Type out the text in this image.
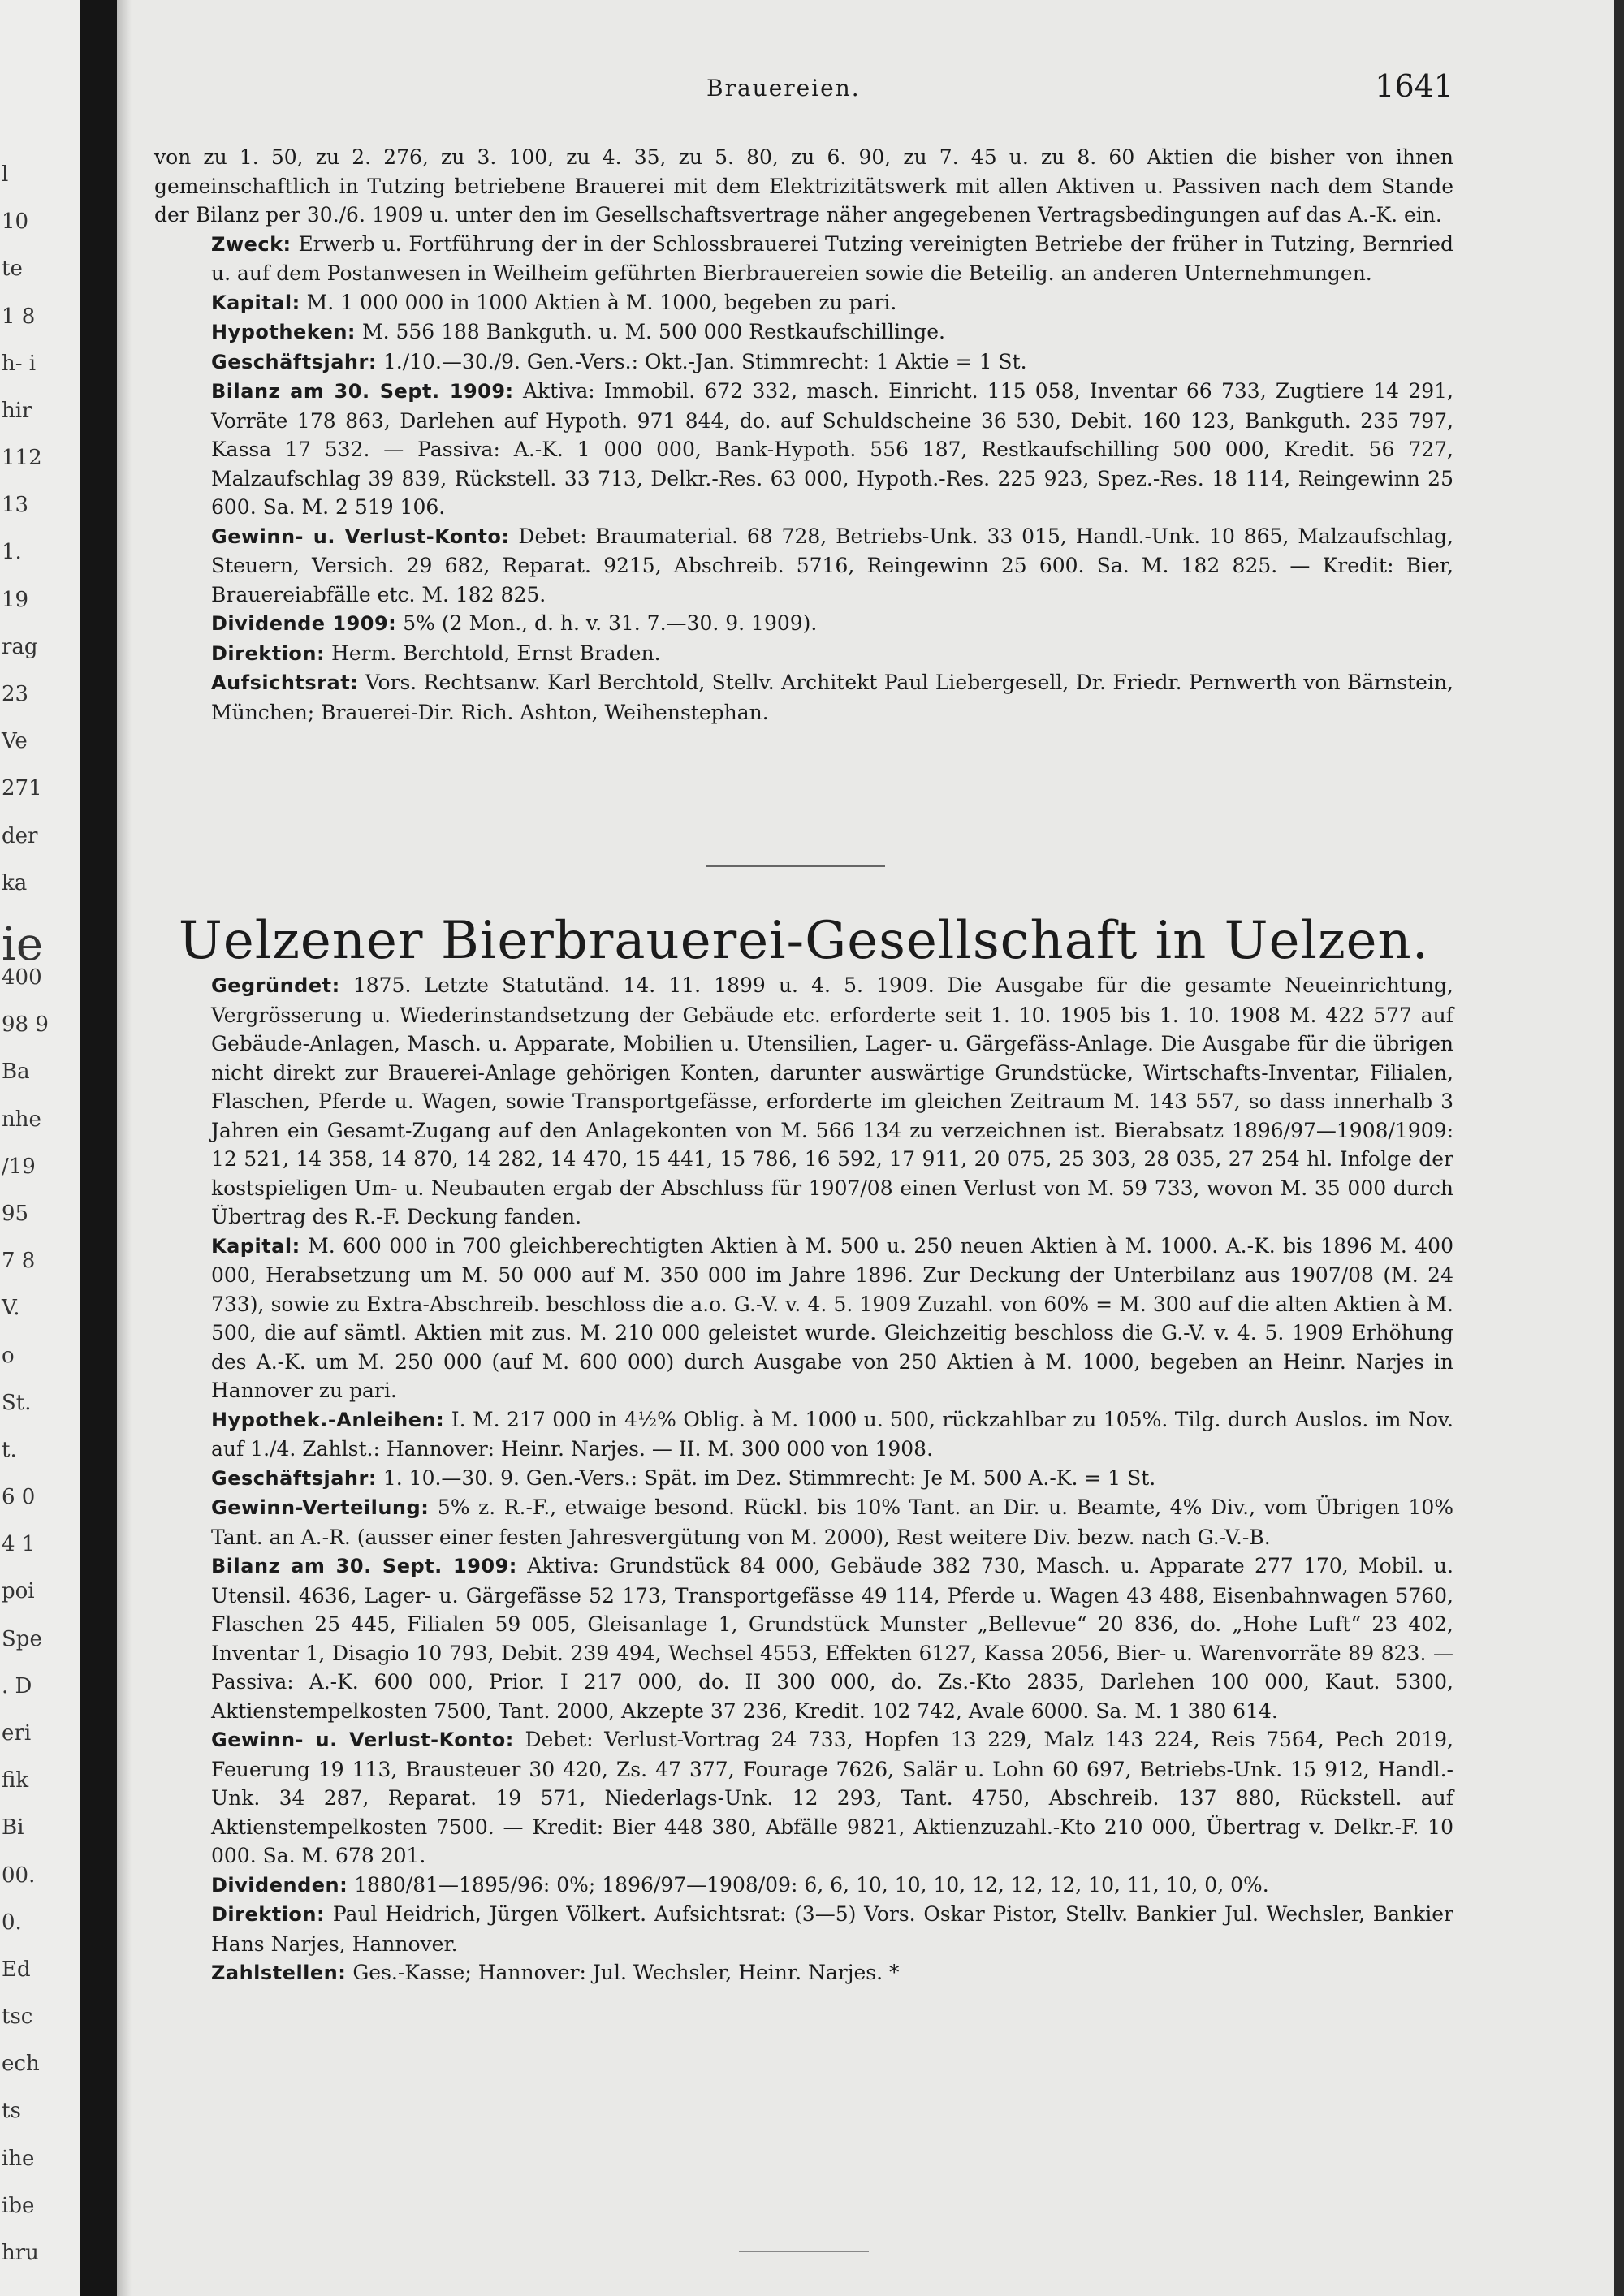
l
10
te
1 8
h- i
hir
112
13
1.
19
rag
23
Ve
271
der
ka
ie
400
98 9
Ba
nhe
/19
95
7 8
V.
o
St.
t.
6 0
4 1
poi
Spe
. D
eri
fik
Bi
00.
0.
Ed
tsc
ech
ts
ihe
ibe
hru
Brauereien.	1641

von zu 1. 50, zu 2. 276, zu 3. 100, zu 4. 35, zu 5. 80, zu 6. 90, zu 7. 45 u. zu 8. 60 Aktien die bisher von ihnen gemeinschaftlich in Tutzing betriebene Brauerei mit dem Elektrizitätswerk mit allen Aktiven u. Passiven nach dem Stande der Bilanz per 30./6. 1909 u. unter den im Gesellschaftsvertrage näher angegebenen Vertragsbedingungen auf das A.-K. ein.

Zweck: Erwerb u. Fortführung der in der Schlossbrauerei Tutzing vereinigten Betriebe der früher in Tutzing, Bernried u. auf dem Postanwesen in Weilheim geführten Bierbrauereien sowie die Beteilig. an anderen Unternehmungen.

Kapital: M. 1 000 000 in 1000 Aktien à M. 1000, begeben zu pari.

Hypotheken: M. 556 188 Bankguth. u. M. 500 000 Restkaufschillinge.

Geschäftsjahr: 1./10.—30./9. Gen.-Vers.: Okt.-Jan. Stimmrecht: 1 Aktie = 1 St.

Bilanz am 30. Sept. 1909: Aktiva: Immobil. 672 332, masch. Einricht. 115 058, Inventar 66 733, Zugtiere 14 291, Vorräte 178 863, Darlehen auf Hypoth. 971 844, do. auf Schuldscheine 36 530, Debit. 160 123, Bankguth. 235 797, Kassa 17 532. — Passiva: A.-K. 1 000 000, Bank-Hypoth. 556 187, Restkaufschilling 500 000, Kredit. 56 727, Malzaufschlag 39 839, Rückstell. 33 713, Delkr.-Res. 63 000, Hypoth.-Res. 225 923, Spez.-Res. 18 114, Reingewinn 25 600. Sa. M. 2 519 106.

Gewinn- u. Verlust-Konto: Debet: Braumaterial. 68 728, Betriebs-Unk. 33 015, Handl.-Unk. 10 865, Malzaufschlag, Steuern, Versich. 29 682, Reparat. 9215, Abschreib. 5716, Reingewinn 25 600. Sa. M. 182 825. — Kredit: Bier, Brauereiabfälle etc. M. 182 825.

Dividende 1909: 5% (2 Mon., d. h. v. 31. 7.—30. 9. 1909).

Direktion: Herm. Berchtold, Ernst Braden.

Aufsichtsrat: Vors. Rechtsanw. Karl Berchtold, Stellv. Architekt Paul Liebergesell, Dr. Friedr. Pernwerth von Bärnstein, München; Brauerei-Dir. Rich. Ashton, Weihenstephan.

Uelzener Bierbrauerei-Gesellschaft in Uelzen.

Gegründet: 1875. Letzte Statutänd. 14. 11. 1899 u. 4. 5. 1909. Die Ausgabe für die gesamte Neueinrichtung, Vergrösserung u. Wiederinstandsetzung der Gebäude etc. erforderte seit 1. 10. 1905 bis 1. 10. 1908 M. 422 577 auf Gebäude-Anlagen, Masch. u. Apparate, Mobilien u. Utensilien, Lager- u. Gärgefäss-Anlage. Die Ausgabe für die übrigen nicht direkt zur Brauerei-Anlage gehörigen Konten, darunter auswärtige Grundstücke, Wirtschafts-Inventar, Filialen, Flaschen, Pferde u. Wagen, sowie Transportgefässe, erforderte im gleichen Zeitraum M. 143 557, so dass innerhalb 3 Jahren ein Gesamt-Zugang auf den Anlagekonten von M. 566 134 zu verzeichnen ist. Bierabsatz 1896/97—1908/1909: 12 521, 14 358, 14 870, 14 282, 14 470, 15 441, 15 786, 16 592, 17 911, 20 075, 25 303, 28 035, 27 254 hl. Infolge der kostspieligen Um- u. Neubauten ergab der Abschluss für 1907/08 einen Verlust von M. 59 733, wovon M. 35 000 durch Übertrag des R.-F. Deckung fanden.

Kapital: M. 600 000 in 700 gleichberechtigten Aktien à M. 500 u. 250 neuen Aktien à M. 1000. A.-K. bis 1896 M. 400 000, Herabsetzung um M. 50 000 auf M. 350 000 im Jahre 1896. Zur Deckung der Unterbilanz aus 1907/08 (M. 24 733), sowie zu Extra-Abschreib. beschloss die a.o. G.-V. v. 4. 5. 1909 Zuzahl. von 60% = M. 300 auf die alten Aktien à M. 500, die auf sämtl. Aktien mit zus. M. 210 000 geleistet wurde. Gleichzeitig beschloss die G.-V. v. 4. 5. 1909 Erhöhung des A.-K. um M. 250 000 (auf M. 600 000) durch Ausgabe von 250 Aktien à M. 1000, begeben an Heinr. Narjes in Hannover zu pari.

Hypothek.-Anleihen: I. M. 217 000 in 4½% Oblig. à M. 1000 u. 500, rückzahlbar zu 105%. Tilg. durch Auslos. im Nov. auf 1./4. Zahlst.: Hannover: Heinr. Narjes. — II. M. 300 000 von 1908.

Geschäftsjahr: 1. 10.—30. 9. Gen.-Vers.: Spät. im Dez. Stimmrecht: Je M. 500 A.-K. = 1 St.

Gewinn-Verteilung: 5% z. R.-F., etwaige besond. Rückl. bis 10% Tant. an Dir. u. Beamte, 4% Div., vom Übrigen 10% Tant. an A.-R. (ausser einer festen Jahresvergütung von M. 2000), Rest weitere Div. bezw. nach G.-V.-B.

Bilanz am 30. Sept. 1909: Aktiva: Grundstück 84 000, Gebäude 382 730, Masch. u. Apparate 277 170, Mobil. u. Utensil. 4636, Lager- u. Gärgefässe 52 173, Transportgefässe 49 114, Pferde u. Wagen 43 488, Eisenbahnwagen 5760, Flaschen 25 445, Filialen 59 005, Gleisanlage 1, Grundstück Munster „Bellevue“ 20 836, do. „Hohe Luft“ 23 402, Inventar 1, Disagio 10 793, Debit. 239 494, Wechsel 4553, Effekten 6127, Kassa 2056, Bier- u. Warenvorräte 89 823. — Passiva: A.-K. 600 000, Prior. I 217 000, do. II 300 000, do. Zs.-Kto 2835, Darlehen 100 000, Kaut. 5300, Aktienstempelkosten 7500, Tant. 2000, Akzepte 37 236, Kredit. 102 742, Avale 6000. Sa. M. 1 380 614.

Gewinn- u. Verlust-Konto: Debet: Verlust-Vortrag 24 733, Hopfen 13 229, Malz 143 224, Reis 7564, Pech 2019, Feuerung 19 113, Brausteuer 30 420, Zs. 47 377, Fourage 7626, Salär u. Lohn 60 697, Betriebs-Unk. 15 912, Handl.-Unk. 34 287, Reparat. 19 571, Niederlags-Unk. 12 293, Tant. 4750, Abschreib. 137 880, Rückstell. auf Aktienstempelkosten 7500. — Kredit: Bier 448 380, Abfälle 9821, Aktienzuzahl.-Kto 210 000, Übertrag v. Delkr.-F. 10 000. Sa. M. 678 201.

Dividenden: 1880/81—1895/96: 0%; 1896/97—1908/09: 6, 6, 10, 10, 10, 12, 12, 12, 10, 11, 10, 0, 0%.

Direktion: Paul Heidrich, Jürgen Völkert. Aufsichtsrat: (3—5) Vors. Oskar Pistor, Stellv. Bankier Jul. Wechsler, Bankier Hans Narjes, Hannover.

Zahlstellen: Ges.-Kasse; Hannover: Jul. Wechsler, Heinr. Narjes. *
